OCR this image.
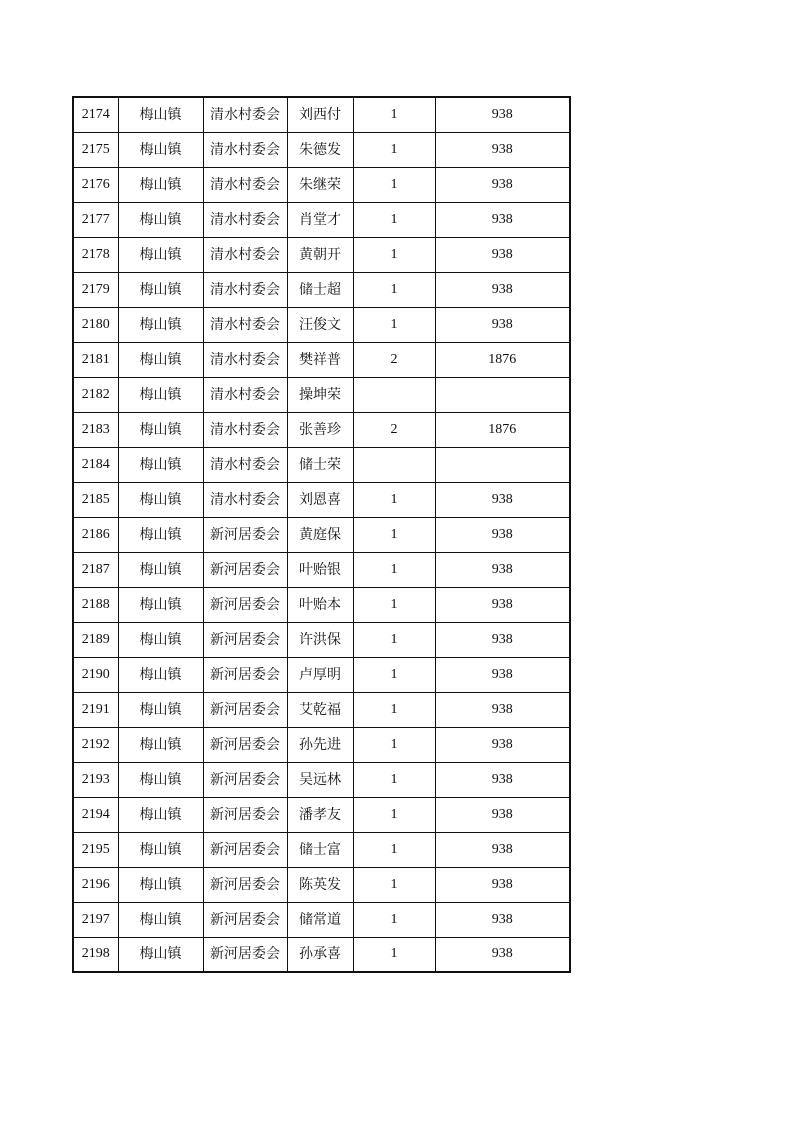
2174	梅山镇	清水村委会	刘西付	1	938
2175	梅山镇	清水村委会	朱德发	1	938
2176	梅山镇	清水村委会	朱继荣	1	938
2177	梅山镇	清水村委会	肖堂才	1	938
2178	梅山镇	清水村委会	黄朝开	1	938
2179	梅山镇	清水村委会	储士超	1	938
2180	梅山镇	清水村委会	汪俊文	1	938
2181	梅山镇	清水村委会	樊祥普	2	1876
2182	梅山镇	清水村委会	操坤荣		
2183	梅山镇	清水村委会	张善珍	2	1876
2184	梅山镇	清水村委会	储士荣		
2185	梅山镇	清水村委会	刘恩喜	1	938
2186	梅山镇	新河居委会	黄庭保	1	938
2187	梅山镇	新河居委会	叶贻银	1	938
2188	梅山镇	新河居委会	叶贻本	1	938
2189	梅山镇	新河居委会	许洪保	1	938
2190	梅山镇	新河居委会	卢厚明	1	938
2191	梅山镇	新河居委会	艾乾福	1	938
2192	梅山镇	新河居委会	孙先进	1	938
2193	梅山镇	新河居委会	吴远林	1	938
2194	梅山镇	新河居委会	潘孝友	1	938
2195	梅山镇	新河居委会	储士富	1	938
2196	梅山镇	新河居委会	陈英发	1	938
2197	梅山镇	新河居委会	储常道	1	938
2198	梅山镇	新河居委会	孙承喜	1	938
